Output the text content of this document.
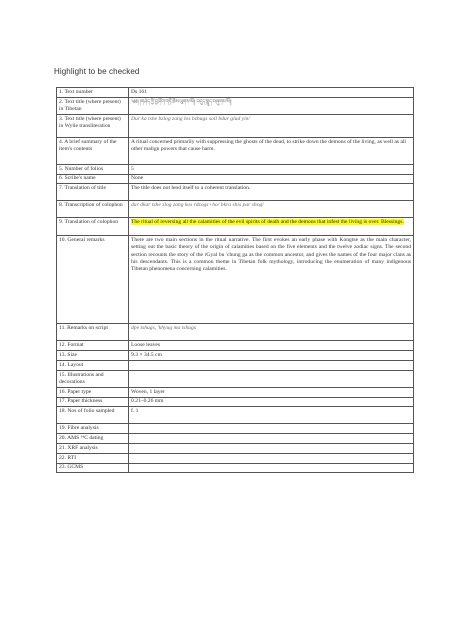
Highlight to be checked
1. Text number	Ds 161
2. Text title (where present) in Tibetan	༄༅། །གཤེད་ཀྱི་བྱ་ཤོག་གཏོ་ཆོས་ལུགས་སོ།། བདུད་གླུད་བཞུགས་སོ།།
3. Text title (where present) in Wylie transliteration	Dur ka tshe bzlog zang los bzhugs soll bdur glud yin/
4. A brief summary of the item's contents	A ritual concerned primarily with suppressing the ghosts of the dead, to strike down the demons of the living, as well as all other malign powers that cause harm.
5. Number of folios	5
6. Scribe's name	None
7. Translation of title	The title does not lend itself to a coherent translation.
8. Transcription of colophon	dur dkar tshe zlog zang kos rdzogs+ho/ bkra shis par shog/
9. Translation of colophon	The ritual of reversing all the calamities of the evil spirits of death and the demons that infest the living is over. Blessings.
10. General remarks	There are two main sections in the ritual narrative. The first evokes an early phase with Kongtse as the main character, setting out the basic theory of the origin of calamities based on the five elements and the twelve zodiac signs. The second section recounts the story of the rGyal bu 'chung ga as the common ancestor, and gives the names of the four major clans as his descendants. This is a common theme in Tibetan folk mythology, introducing the enumeration of many indigenous Tibetan phenomena concerning calamities.
11. Remarks on script	dpe tshugs, 'khyug ma tshugs
12. Format	Loose leaves
13. Size	9.3 × 34.5 cm
14. Layout	
15. Illustrations and decorations	
16. Paper type	Woven, 1 layer
17. Paper thickness	0.21–0.26 mm
18. Nos of folio sampled	f. 1
19. Fibre analysis	
20. AMS ¹⁴C dating	
21. XRF analysis	
22. RTI	
23. GCMS	
